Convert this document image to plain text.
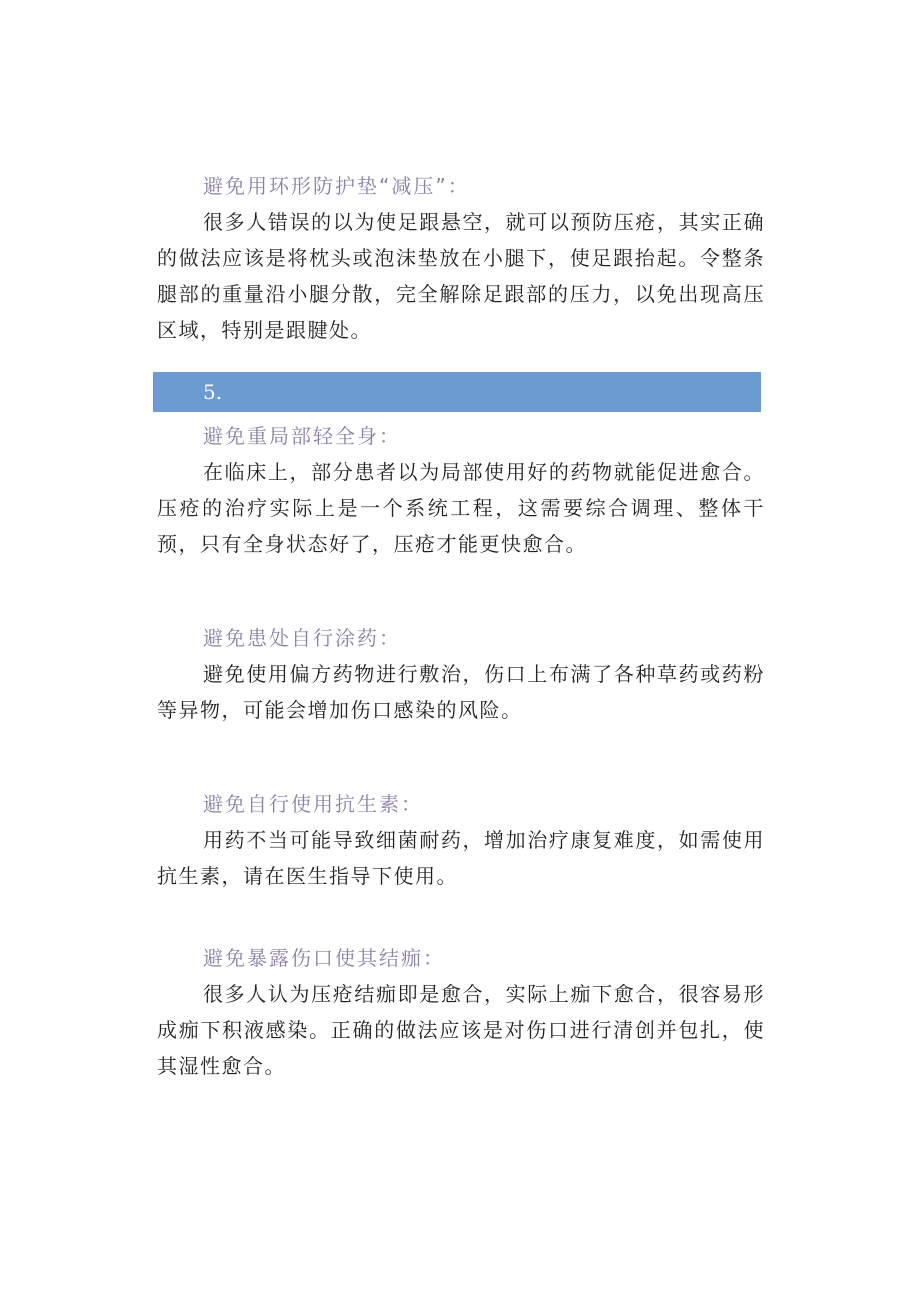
避免用环形防护垫“减压”：

很多人错误的以为使足跟悬空，就可以预防压疮，其实正确的做法应该是将枕头或泡沫垫放在小腿下，使足跟抬起。令整条腿部的重量沿小腿分散，完全解除足跟部的压力，以免出现高压区域，特别是跟腱处。

5.
避免重局部轻全身：

在临床上，部分患者以为局部使用好的药物就能促进愈合。压疮的治疗实际上是一个系统工程，这需要综合调理、整体干预，只有全身状态好了，压疮才能更快愈合。

避免患处自行涂药：

避免使用偏方药物进行敷治，伤口上布满了各种草药或药粉等异物，可能会增加伤口感染的风险。

避免自行使用抗生素：

用药不当可能导致细菌耐药，增加治疗康复难度，如需使用抗生素，请在医生指导下使用。

避免暴露伤口使其结痂：

很多人认为压疮结痂即是愈合，实际上痂下愈合，很容易形成痂下积液感染。正确的做法应该是对伤口进行清创并包扎，使其湿性愈合。
